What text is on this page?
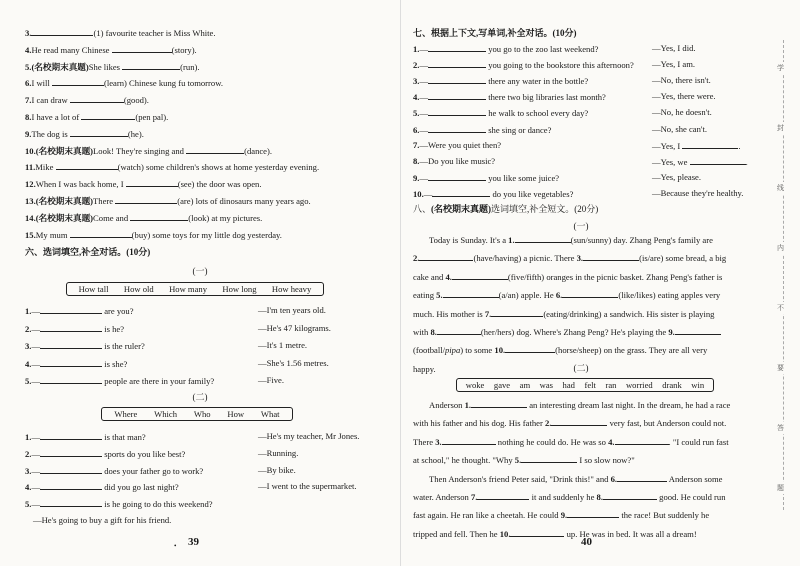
3.	(1) favourite teacher is Miss White.
4.He read many Chinese	(story).
5.(名校期末真题)She likes	(run).
6.I will	(learn) Chinese kung fu tomorrow.
7.I can draw	(good).
8.I have a lot of	(pen pal).
9.The dog is	(he).
10.(名校期末真题)Look! They're singing and	(dance).
11.Mike	(watch) some children's shows at home yesterday evening.
12.When I was back home, I	(see) the door was open.
13.(名校期末真题)There	(are) lots of dinosaurs many years ago.
14.(名校期末真题)Come and	(look) at my pictures.
15.My mum	(buy) some toys for my little dog yesterday.
六、选词填空,补全对话。(10分)
(一)
How tall How old How many How long How heavy
1.—	are you?	—I'm ten years old.
2.—	is he?	—He's 47 kilograms.
3.—	is the ruler?	—It's 1 metre.
4.—	is she?	—She's 1.56 metres.
5.—	people are there in your family?	—Five.
(二)
Where Which Who How What
1.—	is that man?	—He's my teacher, Mr Jones.
2.—	sports do you like best?	—Running.
3.—	does your father go to work?	—By bike.
4.—	did you go last night?	—I went to the supermarket.
5.—	is he going to do this weekend?
—He's going to buy a gift for his friend.
39
•
七、根据上下文,写单词,补全对话。(10分)
1.—	you go to the zoo last weekend?	—Yes, I did.
2.—	you going to the bookstore this afternoon? —Yes, I am.
3.—	there any water in the bottle?	—No, there isn't.
4.—	there two big libraries last month?	—Yes, there were.
5.—	he walk to school every day?	—No, he doesn't.
6.—	she sing or dance?	—No, she can't.
7.—Were you quiet then?	—Yes, I	.
8.—Do you like music?	—Yes, we	.
9.—	you like some juice?	—Yes, please.
10.—	do you like vegetables?	—Because they're healthy.
八、(名校期末真题)选词填空,补全短文。(20分)
(一)
Today is Sunday. It's a 1.	(sun/sunny) day. Zhang Peng's family are
2.	(have/having) a picnic. There 3.	(is/are) some bread, a big
cake and 4.	(five/fifth) oranges in the picnic basket. Zhang Peng's father is
eating 5.	(a/an) apple. He 6.	(like/likes) eating apples very
much. His mother is 7.	(eating/drinking) a sandwich. His sister is playing
with 8.	(her/hers) dog. Where's Zhang Peng? He's playing the 9.
(football/pipa) to some 10.	(horse/sheep) on the grass. They are all very
happy.	(二)
woke gave am was had felt ran worried drank win
Anderson 1.	an interesting dream last night. In the dream, he had a race
with his father and his dog. His father 2.	very fast, but Anderson could not.
There 3.	nothing he could do. He was so 4.	. "I could run fast
at school," he thought. "Why 5.	I so slow now?"
Then Anderson's friend Peter said, "Drink this!" and 6.	Anderson some
water. Anderson 7.	it and suddenly he 8.	good. He could run
fast again. He ran like a cheetah. He could 9.	the race! But suddenly he
tripped and fell. Then he 10.	up. He was in bed. It was all a dream!
40
学
封
线
内
不
要
答
题
